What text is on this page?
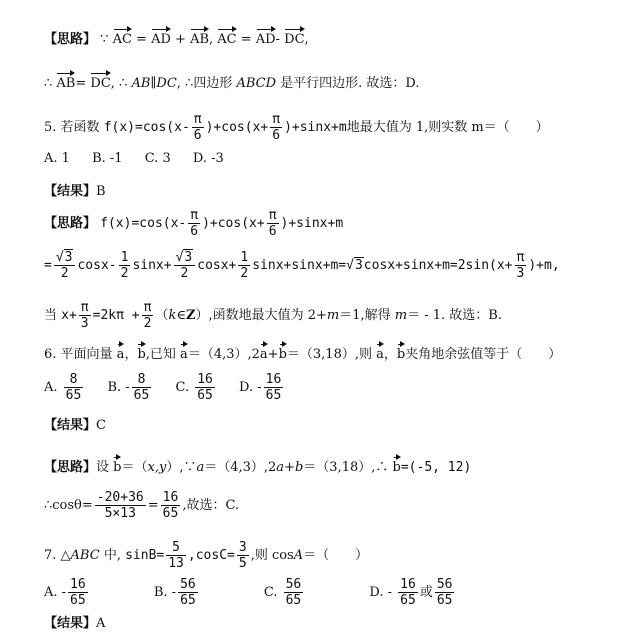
【思路】 ∵ AC = AD + AB, AC = AD- DC,
∴ AB= DC, ∴ AB∥DC, ∴四边形 ABCD 是平行四边形. 故选：D.
5. 若函数 $f(x)=\cos(x- \frac{\pi}{6} )+\cos(x+ \frac{\pi}{6} )+\sin x+m$地最大值为 1,则实数 m＝（　　）
A. 1 B. ‐1 C. 3 D. ‐3
【结果】B
【思路】 $f(x)=\cos(x- \frac{\pi}{6} )+\cos(x+ \frac{\pi}{6} )+\sin x+m$
= $\frac{√3}{2} \cos x- \frac{1}{2} \sin x+ \frac{√3}{2} \cos x+ \frac{1}{2} \sin x+\sin x+m=√3\cos x+\sin x+m=2\sin(x+ \frac{\pi}{3} )+m$,
当 $x+ \frac{\pi}{3} =2k\pi + \frac{\pi}{2}$ （k∈Z）,函数地最大值为 2+m＝1,解得 m＝ - 1. 故选：B.
6. 平面向量 a，b,已知 a＝（4,3）,2a+b＝（3,18）,则 a，b夹角地余弦值等于（　　）
A. $\frac{8}{65} B$. - $\frac{8}{65} C$. $\frac{16}{65} D$. - $\frac{16}{65}$
【结果】C
【思路】设 b＝（x,y）,∵a＝（4,3）,2a+b＝（3,18）,∴ b=(-5, 12)
∴cosθ= $\frac{-20+36}{5\times 13} = \frac{16}{65}$ ,故选：C.
7. △ABC 中, $\sin B= \frac{5}{13} ,\cos C= \frac{3}{5}$ ,则 cosA＝（　　）
A. - $\frac{16}{65}$	B. - $\frac{56}{65}$	C. $\frac{56}{65}$	D. - $\frac{16}{65}$ 或 $\frac{56}{65}$
【结果】A
